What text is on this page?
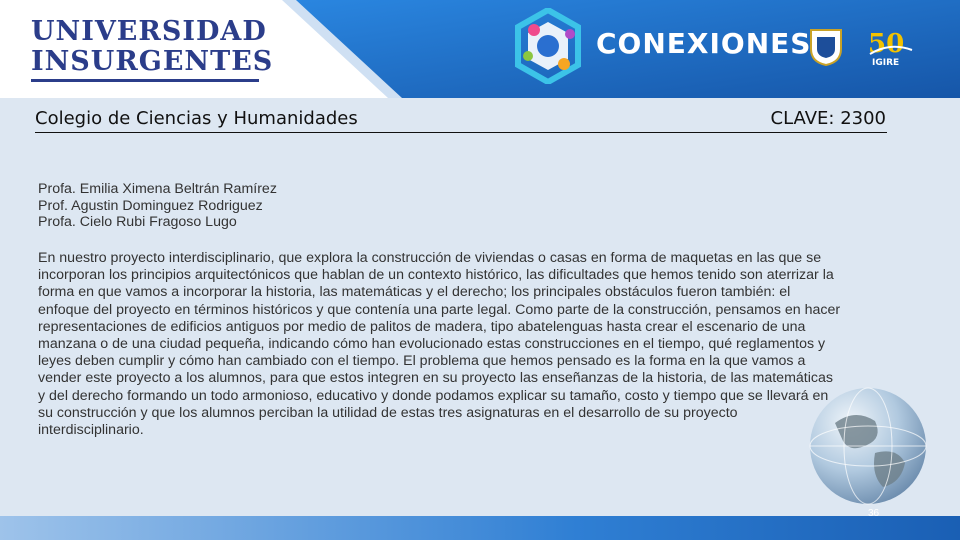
UNIVERSIDAD
INSURGENTES
CONEXIONES 50
IGIRE
Colegio de Ciencias y Humanidades	CLAVE: 2300
Profa. Emilia Ximena Beltrán Ramírez
Prof. Agustin Dominguez Rodriguez
Profa. Cielo Rubi Fragoso Lugo
En nuestro proyecto interdisciplinario, que explora la construcción de viviendas o casas en forma de maquetas en las que se
incorporan los principios arquitectónicos que hablan de un contexto histórico, las dificultades que hemos tenido son aterrizar la
forma en que vamos a incorporar la historia, las matemáticas y el derecho; los principales obstáculos fueron también: el
enfoque del proyecto en términos históricos y que contenía una parte legal. Como parte de la construcción, pensamos en hacer
representaciones de edificios antiguos por medio de palitos de madera, tipo abatelenguas hasta crear el escenario de una
manzana o de una ciudad pequeña, indicando cómo han evolucionado estas construcciones en el tiempo, qué reglamentos y
leyes deben cumplir y cómo han cambiado con el tiempo. El problema que hemos pensado es la forma en la que vamos a
vender este proyecto a los alumnos, para que estos integren en su proyecto las enseñanzas de la historia, de las matemáticas
y del derecho formando un todo armonioso, educativo y donde podamos explicar su tamaño, costo y tiempo que se llevará en
su construcción y que los alumnos perciban la utilidad de estas tres asignaturas en el desarrollo de su proyecto
interdisciplinario.
36
